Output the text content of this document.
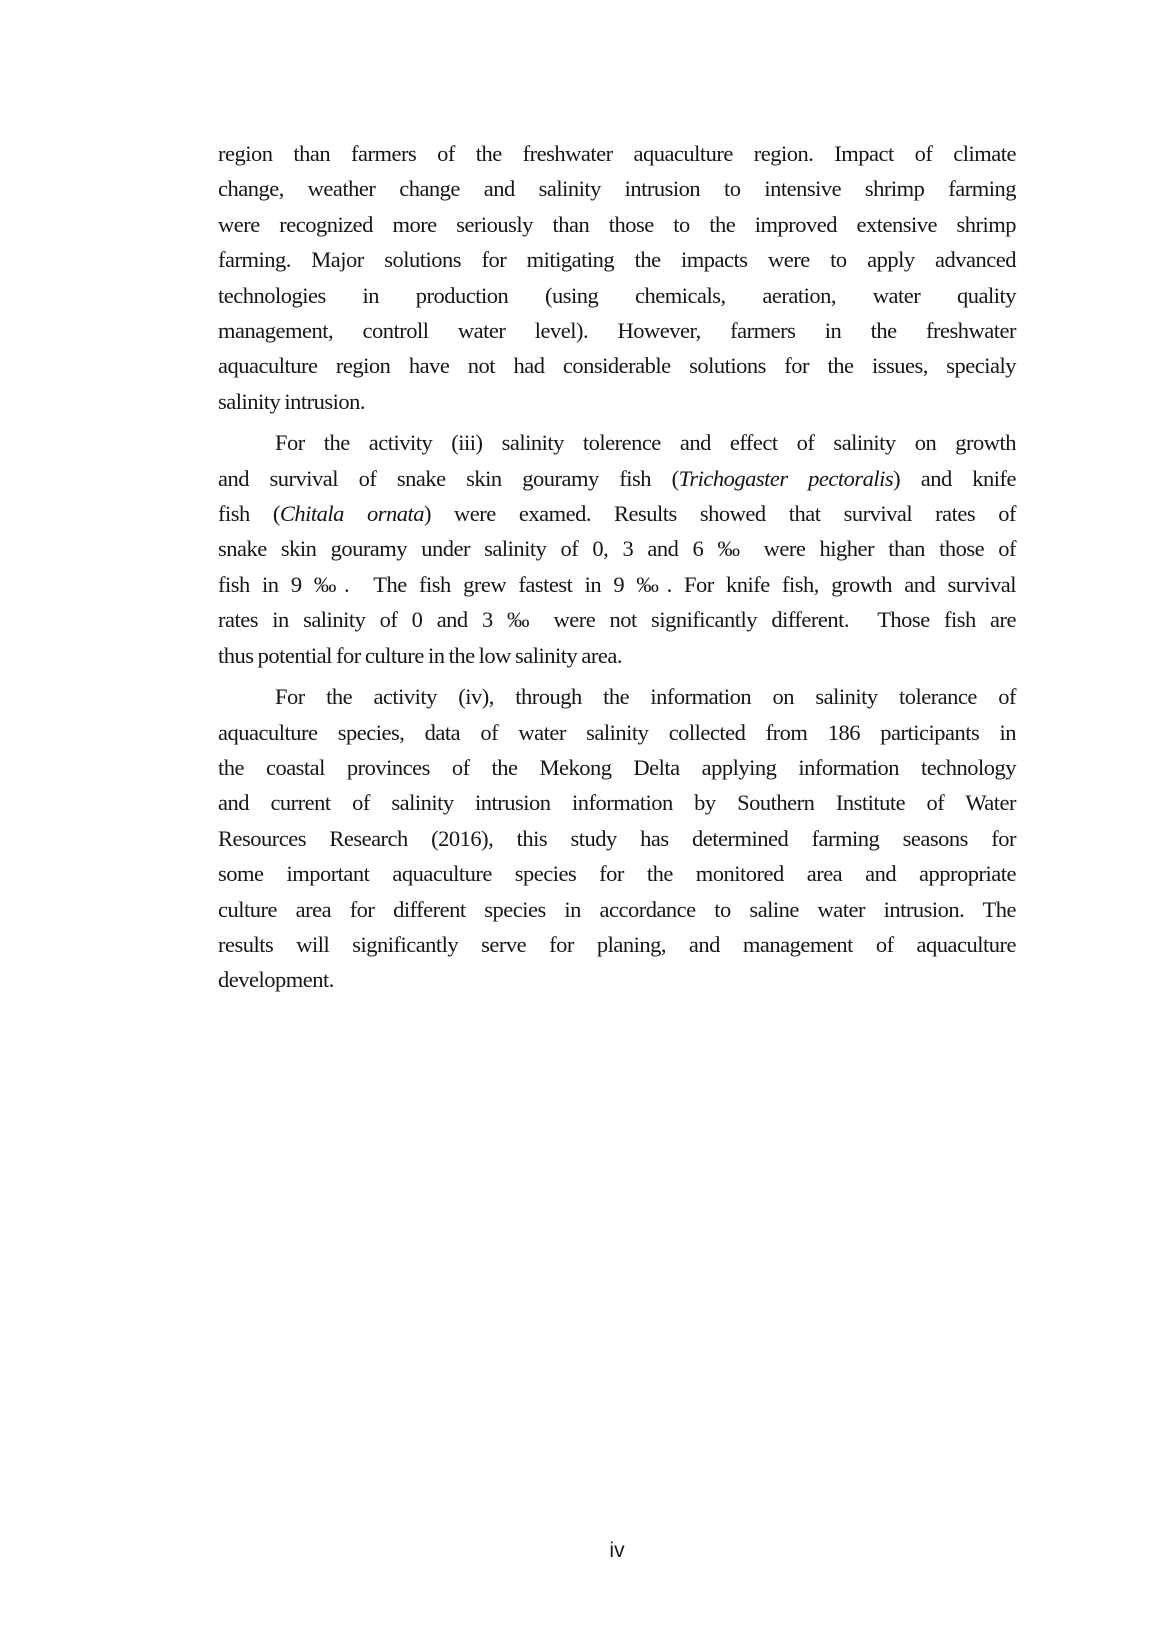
region than farmers of the freshwater aquaculture region. Impact of climate
change, weather change and salinity intrusion to intensive shrimp farming
were recognized more seriously than those to the improved extensive shrimp
farming. Major solutions for mitigating the impacts were to apply advanced
technologies in production (using chemicals, aeration, water quality
management, controll water level). However, farmers in the freshwater
aquaculture region have not had considerable solutions for the issues, specialy
salinity intrusion.
For the activity (iii) salinity tolerence and effect of salinity on growth
and survival of snake skin gouramy fish (Trichogaster pectoralis) and knife
fish (Chitala ornata) were examed. Results showed that survival rates of
snake skin gouramy under salinity of 0, 3 and 6 ‰ were higher than those of
fish in 9 ‰.  The fish grew fastest in 9 ‰. For knife fish, growth and survival
rates in salinity of 0 and 3 ‰ were not significantly different.  Those fish are
thus potential for culture in the low salinity area.
For the activity (iv), through the information on salinity tolerance of
aquaculture species, data of water salinity collected from 186 participants in
the coastal provinces of the Mekong Delta applying information technology
and current of salinity intrusion information by Southern Institute of Water
Resources Research (2016), this study has determined farming seasons for
some important aquaculture species for the monitored area and appropriate
culture area for different species in accordance to saline water intrusion. The
results will significantly serve for planing, and management of aquaculture
development.
iv
